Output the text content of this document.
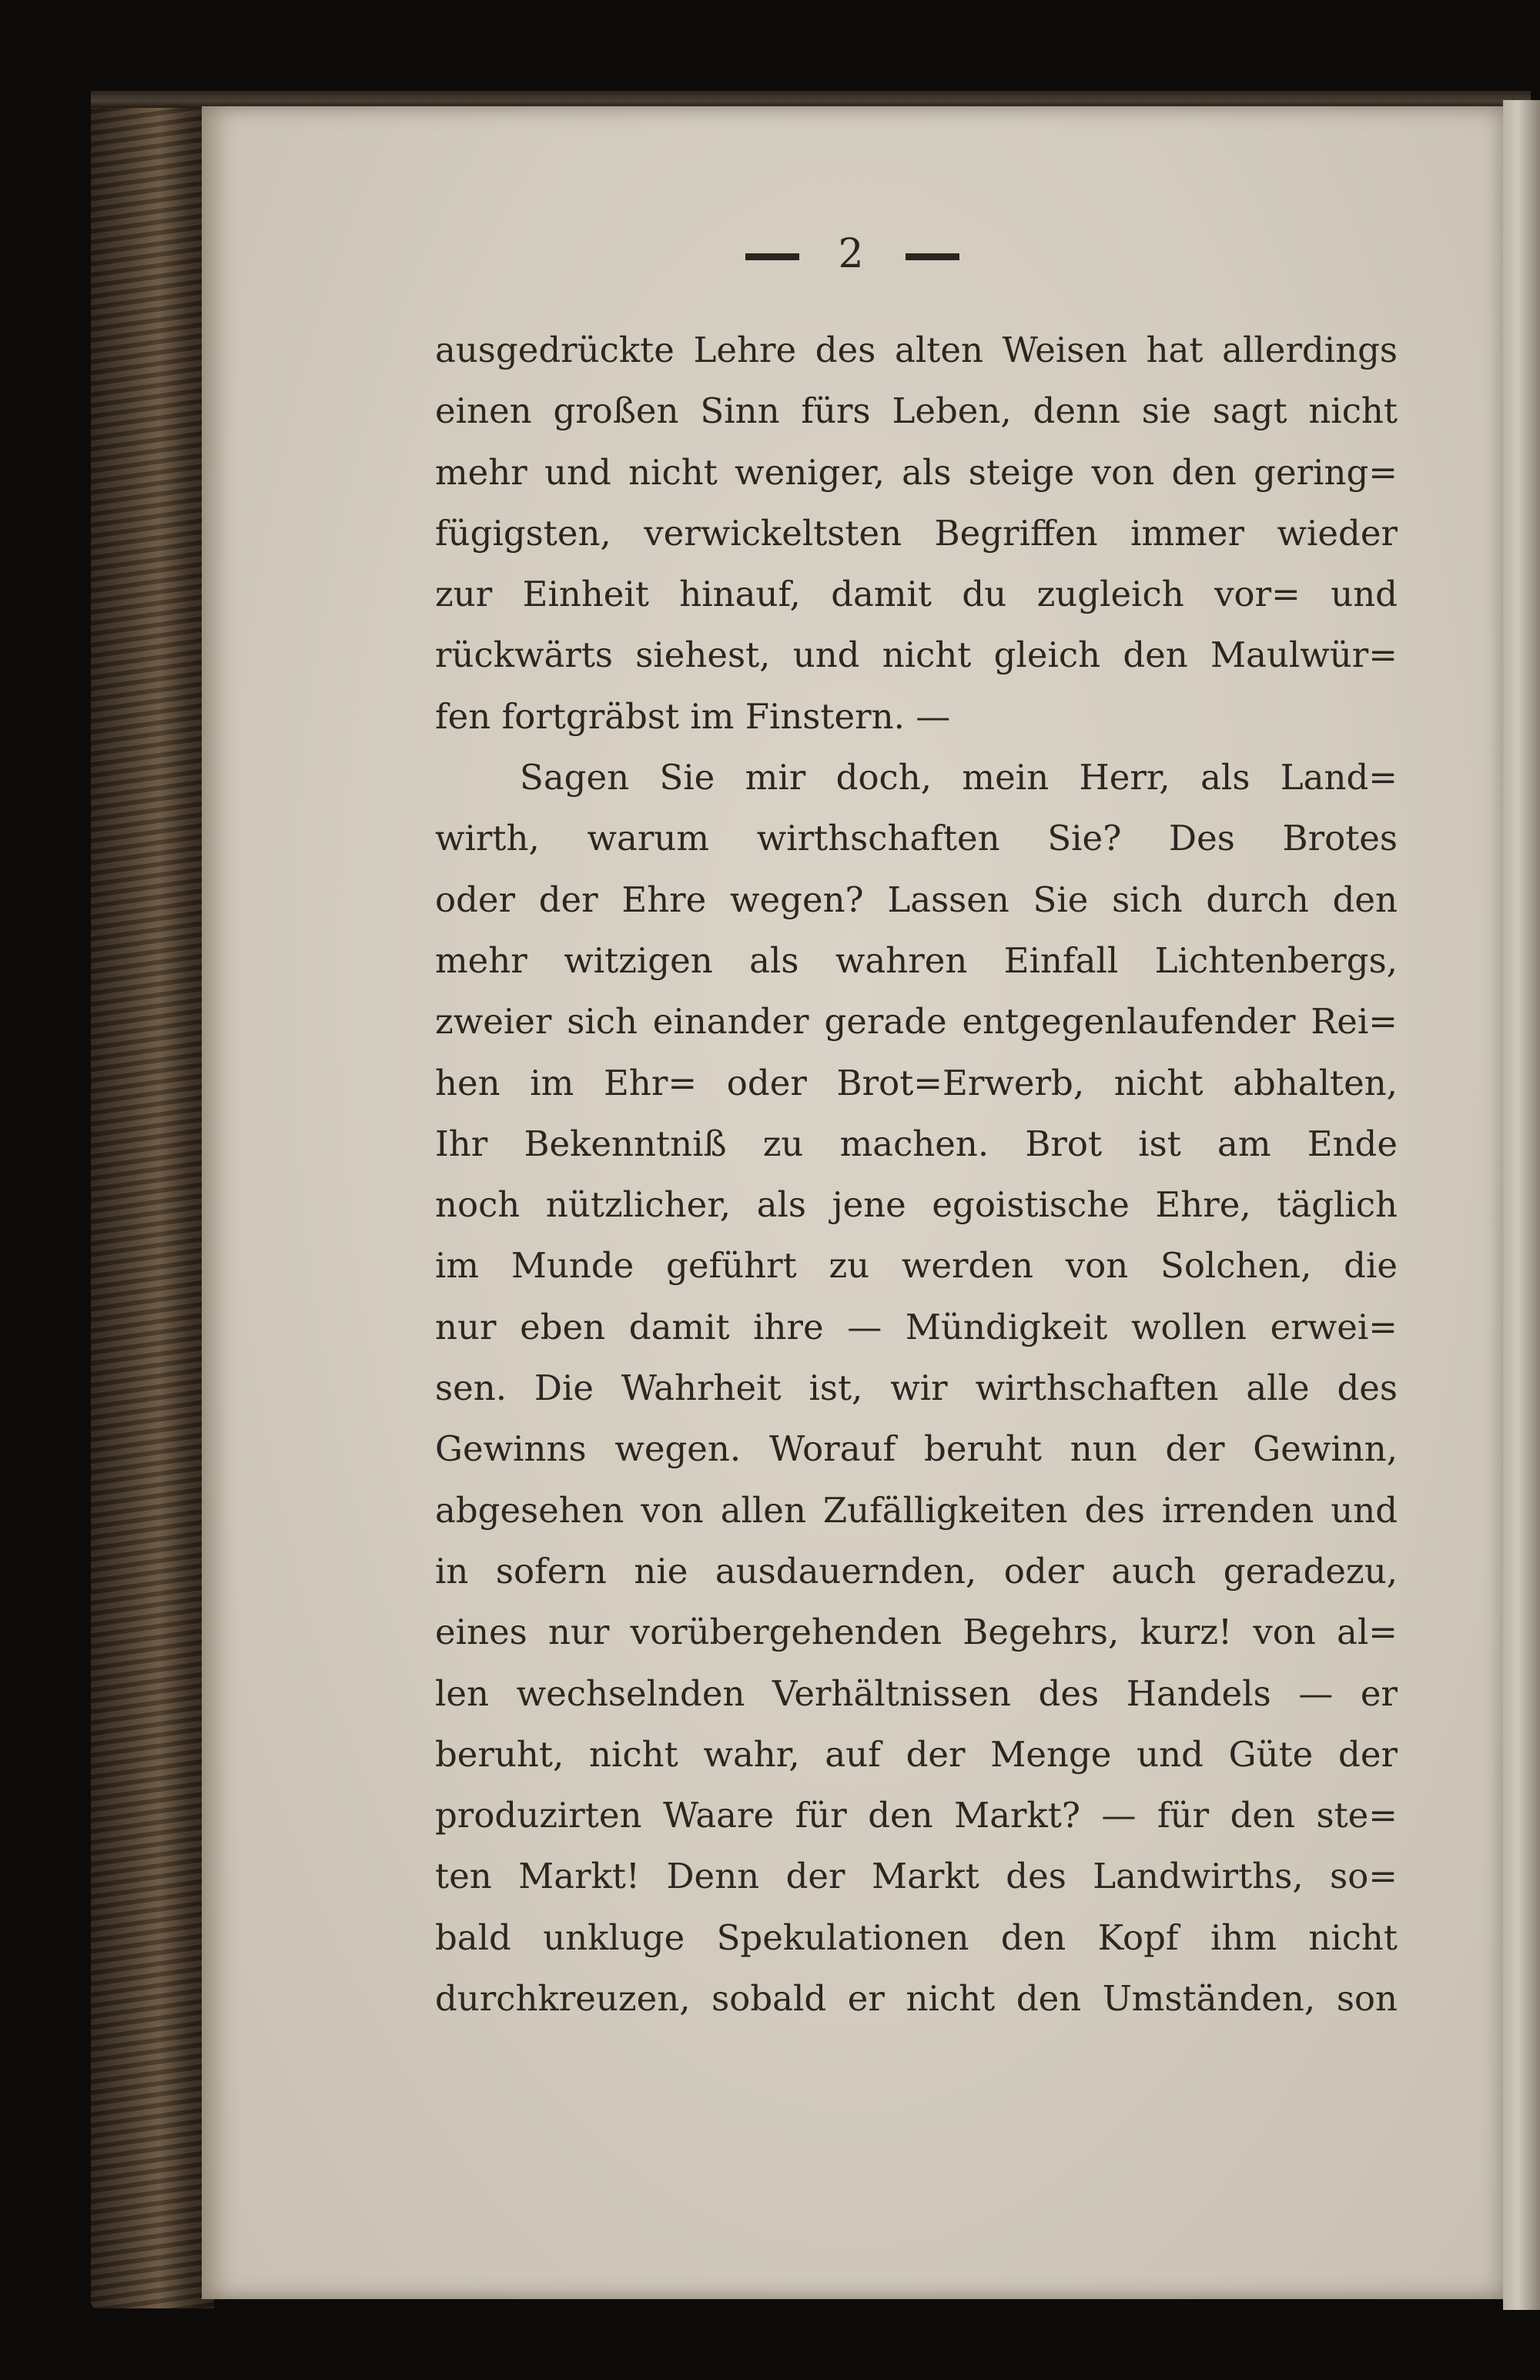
2
ausgedrückte Lehre des alten Weisen hat allerdings
einen großen Sinn fürs Leben, denn sie sagt nicht
mehr und nicht weniger, als steige von den gering=
fügigsten, verwickeltsten Begriffen immer wieder
zur Einheit hinauf, damit du zugleich vor= und
rückwärts siehest, und nicht gleich den Maulwür=
fen fortgräbst im Finstern. —
Sagen Sie mir doch, mein Herr, als Land=
wirth, warum wirthschaften Sie? Des Brotes
oder der Ehre wegen? Lassen Sie sich durch den
mehr witzigen als wahren Einfall Lichtenbergs,
zweier sich einander gerade entgegenlaufender Rei=
hen im Ehr= oder Brot=Erwerb, nicht abhalten,
Ihr Bekenntniß zu machen. Brot ist am Ende
noch nützlicher, als jene egoistische Ehre, täglich
im Munde geführt zu werden von Solchen, die
nur eben damit ihre — Mündigkeit wollen erwei=
sen. Die Wahrheit ist, wir wirthschaften alle des
Gewinns wegen. Worauf beruht nun der Gewinn,
abgesehen von allen Zufälligkeiten des irrenden und
in sofern nie ausdauernden, oder auch geradezu,
eines nur vorübergehenden Begehrs, kurz! von al=
len wechselnden Verhältnissen des Handels — er
beruht, nicht wahr, auf der Menge und Güte der
produzirten Waare für den Markt? — für den ste=
ten Markt! Denn der Markt des Landwirths, so=
bald unkluge Spekulationen den Kopf ihm nicht
durchkreuzen, sobald er nicht den Umständen, son
